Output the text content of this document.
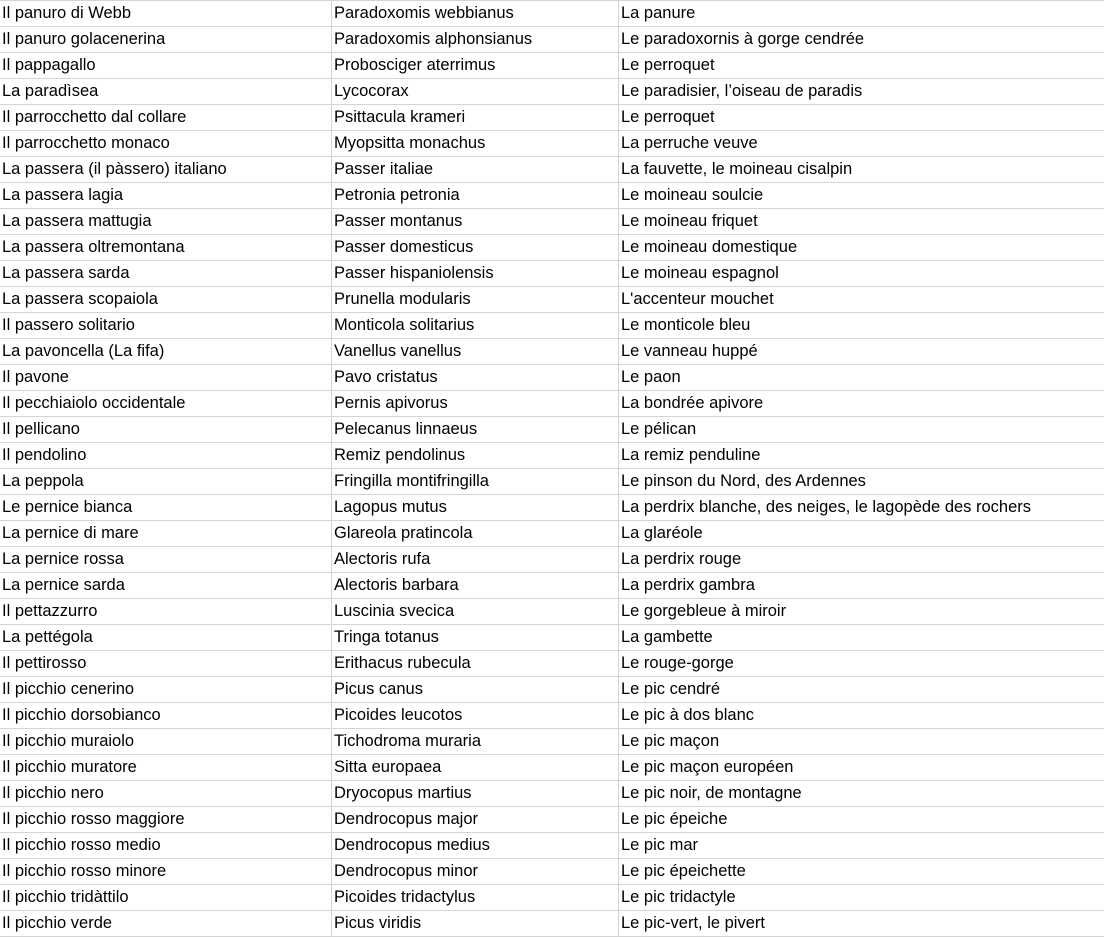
Il panuro di Webb	Paradoxomis webbianus	La panure
Il panuro golacenerina	Paradoxomis alphonsianus	Le paradoxornis à gorge cendrée
Il pappagallo	Probosciger aterrimus	Le perroquet
La paradìsea	Lycocorax	Le paradisier, l’oiseau de paradis
Il parrocchetto dal collare	Psittacula krameri	Le perroquet
Il parrocchetto monaco	Myopsitta monachus	La perruche veuve
La passera (il pàssero) italiano	Passer italiae	La fauvette, le moineau cisalpin
La passera lagia	Petronia petronia	Le moineau soulcie
La passera mattugia	Passer montanus	Le moineau friquet
La passera oltremontana	Passer domesticus	Le moineau domestique
La passera sarda	Passer hispaniolensis	Le moineau espagnol
La passera scopaiola	Prunella modularis	L'accenteur mouchet
Il passero solitario	Monticola solitarius	Le monticole bleu
La pavoncella (La fifa)	Vanellus vanellus	Le vanneau huppé
Il pavone	Pavo cristatus	Le paon
Il pecchiaiolo occidentale	Pernis apivorus	La bondrée apivore
Il pellicano	Pelecanus linnaeus	Le pélican
Il pendolino	Remiz pendolinus	La remiz penduline
La peppola	Fringilla montifringilla	Le pinson du Nord, des Ardennes
Le pernice bianca	Lagopus mutus	La perdrix blanche, des neiges, le lagopède des rochers
La pernice di mare	Glareola pratincola	La glaréole
La pernice rossa	Alectoris rufa	La perdrix rouge
La pernice sarda	Alectoris barbara	La perdrix gambra
Il pettazzurro	Luscinia svecica	Le gorgebleue à miroir
La pettégola	Tringa totanus	La gambette
Il pettirosso	Erithacus rubecula	Le rouge-gorge
Il picchio cenerino	Picus canus	Le pic cendré
Il picchio dorsobianco	Picoides leucotos	Le pic à dos blanc
Il picchio muraiolo	Tichodroma muraria	Le pic maçon
Il picchio muratore	Sitta europaea	Le pic maçon européen
Il picchio nero	Dryocopus martius	Le pic noir, de montagne
Il picchio rosso maggiore	Dendrocopus major	Le pic épeiche
Il picchio rosso medio	Dendrocopus medius	Le pic mar
Il picchio rosso minore	Dendrocopus minor	Le pic épeichette
Il picchio tridàttilo	Picoides tridactylus	Le pic tridactyle
Il picchio verde	Picus viridis	Le pic-vert, le pivert
